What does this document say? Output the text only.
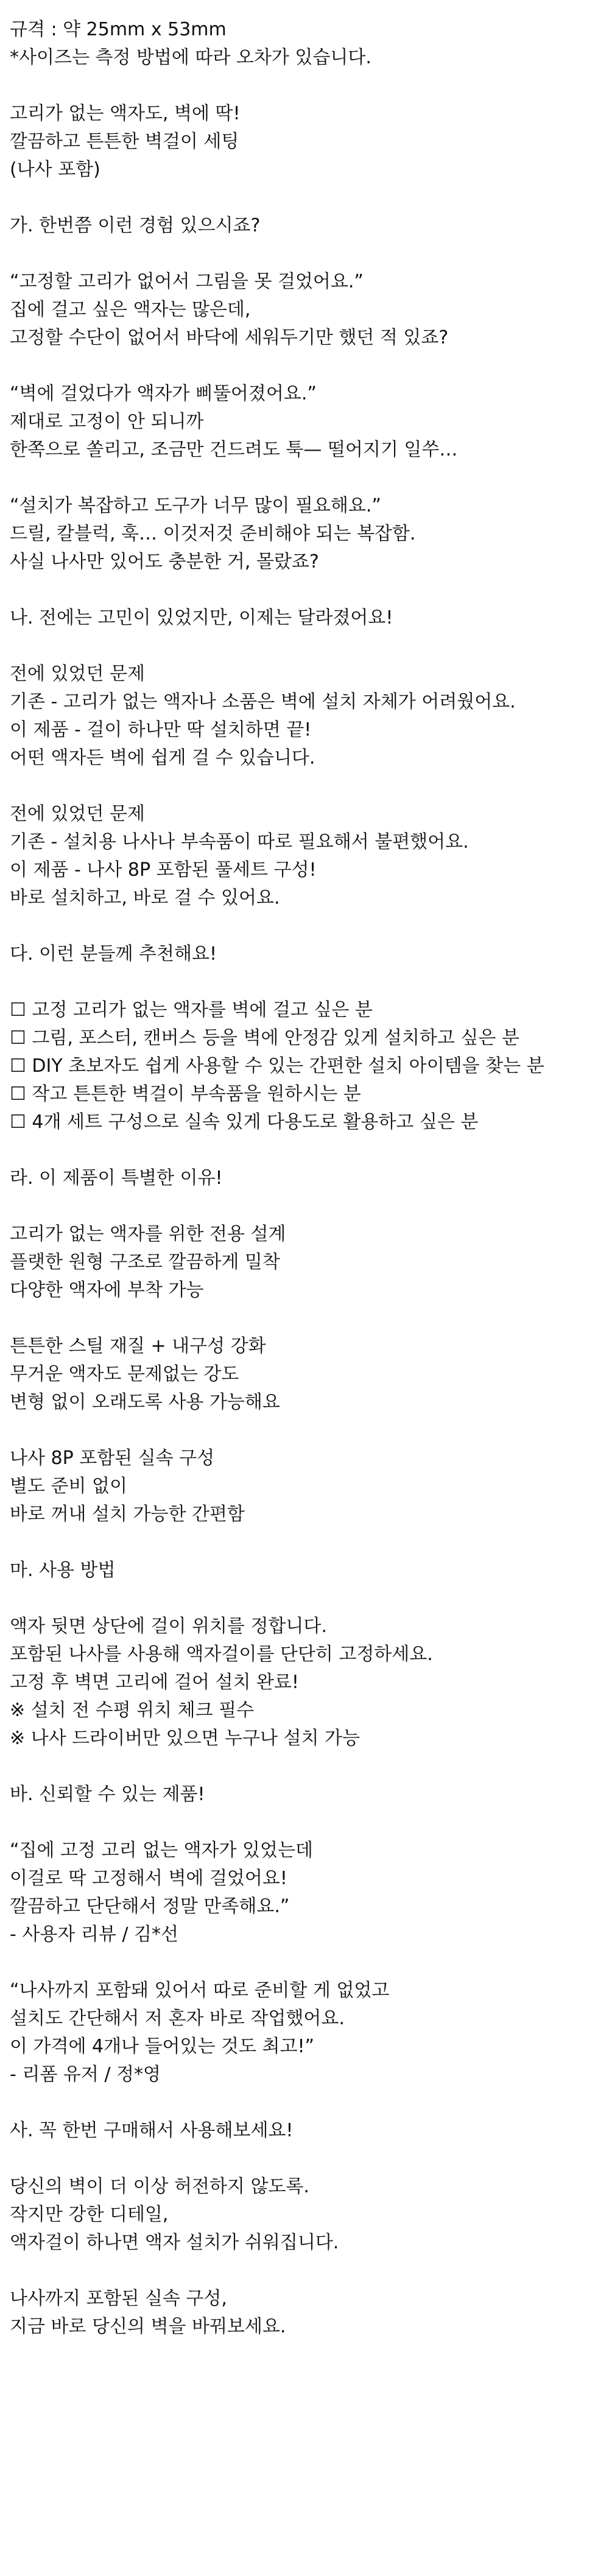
규격 : 약 25mm x 53mm
*사이즈는 측정 방법에 따라 오차가 있습니다.
고리가 없는 액자도, 벽에 딱!
깔끔하고 튼튼한 벽걸이 세팅
(나사 포함)
가. 한번쯤 이런 경험 있으시죠?
“고정할 고리가 없어서 그림을 못 걸었어요.”
집에 걸고 싶은 액자는 많은데,
고정할 수단이 없어서 바닥에 세워두기만 했던 적 있죠?
“벽에 걸었다가 액자가 삐뚤어졌어요.”
제대로 고정이 안 되니까
한쪽으로 쏠리고, 조금만 건드려도 툭— 떨어지기 일쑤…
“설치가 복잡하고 도구가 너무 많이 필요해요.”
드릴, 칼블럭, 훅… 이것저것 준비해야 되는 복잡함.
사실 나사만 있어도 충분한 거, 몰랐죠?
나. 전에는 고민이 있었지만, 이제는 달라졌어요!
전에 있었던 문제
기존 - 고리가 없는 액자나 소품은 벽에 설치 자체가 어려웠어요.
이 제품 - 걸이 하나만 딱 설치하면 끝!
어떤 액자든 벽에 쉽게 걸 수 있습니다.
전에 있었던 문제
기존 - 설치용 나사나 부속품이 따로 필요해서 불편했어요.
이 제품 - 나사 8P 포함된 풀세트 구성!
바로 설치하고, 바로 걸 수 있어요.
다. 이런 분들께 추천해요!
☐ 고정 고리가 없는 액자를 벽에 걸고 싶은 분
☐ 그림, 포스터, 캔버스 등을 벽에 안정감 있게 설치하고 싶은 분
☐ DIY 초보자도 쉽게 사용할 수 있는 간편한 설치 아이템을 찾는 분
☐ 작고 튼튼한 벽걸이 부속품을 원하시는 분
☐ 4개 세트 구성으로 실속 있게 다용도로 활용하고 싶은 분
라. 이 제품이 특별한 이유!
고리가 없는 액자를 위한 전용 설계
플랫한 원형 구조로 깔끔하게 밀착
다양한 액자에 부착 가능
튼튼한 스틸 재질 + 내구성 강화
무거운 액자도 문제없는 강도
변형 없이 오래도록 사용 가능해요
나사 8P 포함된 실속 구성
별도 준비 없이
바로 꺼내 설치 가능한 간편함
마. 사용 방법
액자 뒷면 상단에 걸이 위치를 정합니다.
포함된 나사를 사용해 액자걸이를 단단히 고정하세요.
고정 후 벽면 고리에 걸어 설치 완료!
※ 설치 전 수평 위치 체크 필수
※ 나사 드라이버만 있으면 누구나 설치 가능
바. 신뢰할 수 있는 제품!
“집에 고정 고리 없는 액자가 있었는데
이걸로 딱 고정해서 벽에 걸었어요!
깔끔하고 단단해서 정말 만족해요.”
- 사용자 리뷰 / 김*선
“나사까지 포함돼 있어서 따로 준비할 게 없었고
설치도 간단해서 저 혼자 바로 작업했어요.
이 가격에 4개나 들어있는 것도 최고!”
- 리폼 유저 / 정*영
사. 꼭 한번 구매해서 사용해보세요!
당신의 벽이 더 이상 허전하지 않도록.
작지만 강한 디테일,
액자걸이 하나면 액자 설치가 쉬워집니다.
나사까지 포함된 실속 구성,
지금 바로 당신의 벽을 바꿔보세요.
